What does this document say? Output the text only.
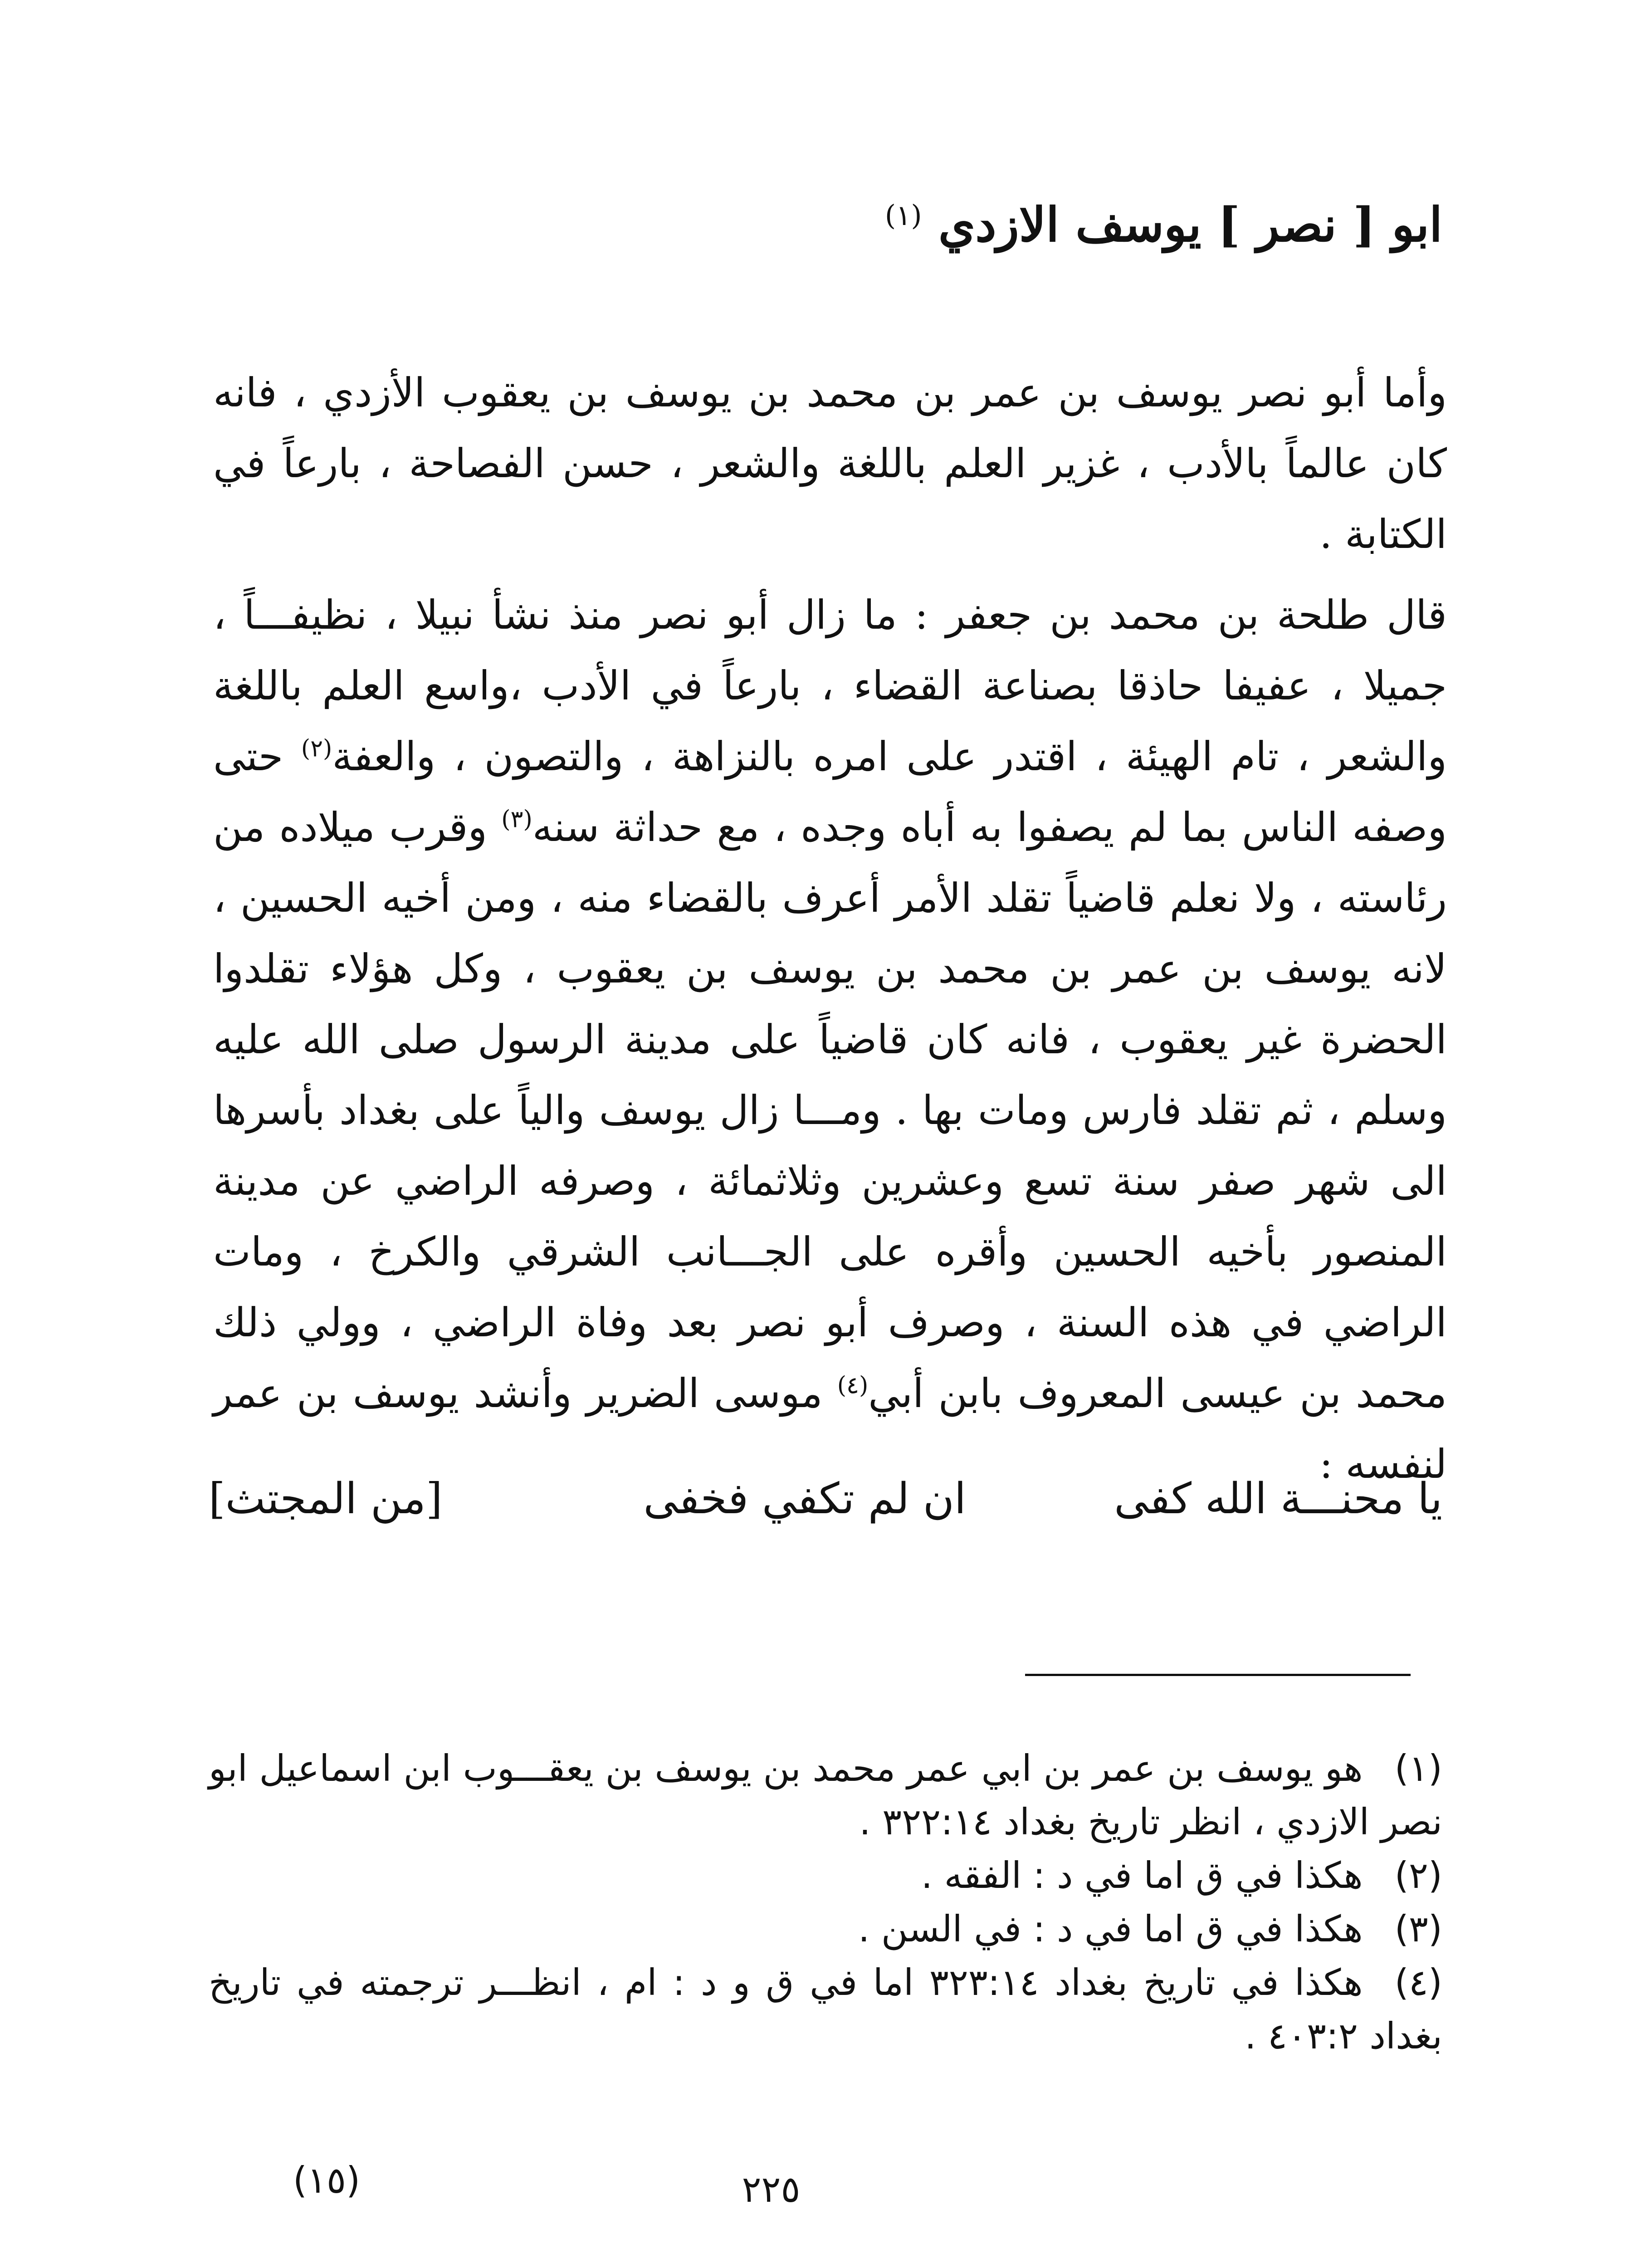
ابو [ نصر ] يوسف الازدي $^{(١)}$

وأما أبو نصر يوسف بن عمر بن محمد بن يوسف بن يعقوب الأزدي ، فانه كان عالماً بالأدب ، غزير العلم باللغة والشعر ، حسن الفصاحة ، بارعاً في الكتابة .

قال طلحة بن محمد بن جعفر : ما زال أبو نصر منذ نشأ نبيلا ، نظيفـــاً ، جميلا ، عفيفا حاذقا بصناعة القضاء ، بارعاً في الأدب ،واسع العلم باللغة والشعر ، تام الهيئة ، اقتدر على امره بالنزاهة ، والتصون ، والعفة$^{(٢)}$ حتى وصفه الناس بما لم يصفوا به أباه وجده ، مع حداثة سنه$^{(٣)}$ وقرب ميلاده من رئاسته ، ولا نعلم قاضياً تقلد الأمر أعرف بالقضاء منه ، ومن أخيه الحسين ، لانه يوسف بن عمر بن محمد بن يوسف بن يعقوب ، وكل هؤلاء تقلدوا الحضرة غير يعقوب ، فانه كان قاضياً على مدينة الرسول صلى الله عليه وسلم ، ثم تقلد فارس ومات بها . ومـــا زال يوسف والياً على بغداد بأسرها الى شهر صفر سنة تسع وعشرين وثلاثمائة ، وصرفه الراضي عن مدينة المنصور بأخيه الحسين وأقره على الجـــانب الشرقي والكرخ ، ومات الراضي في هذه السنة ، وصرف أبو نصر بعد وفاة الراضي ، وولي ذلك محمد بن عيسى المعروف بابن أبي$^{(٤)}$ موسى الضرير وأنشد يوسف بن عمر لنفسه :

يا محنـــة الله كفى
ان لم تكفي فخفى
[من المجتث]
(١)هو يوسف بن عمر بن ابي عمر محمد بن يوسف بن يعقـــوب ابن اسماعيل ابو نصر الازدي ، انظر تاريخ بغداد ٣٢٢:١٤ .
(٢)هكذا في ق اما في د : الفقه .
(٣)هكذا في ق اما في د : في السن .
(٤)هكذا في تاريخ بغداد ٣٢٣:١٤ اما في ق و د : ام ، انظـــر ترجمته في تاريخ بغداد ٤٠٣:٢ .
٢٢٥
(١٥)
